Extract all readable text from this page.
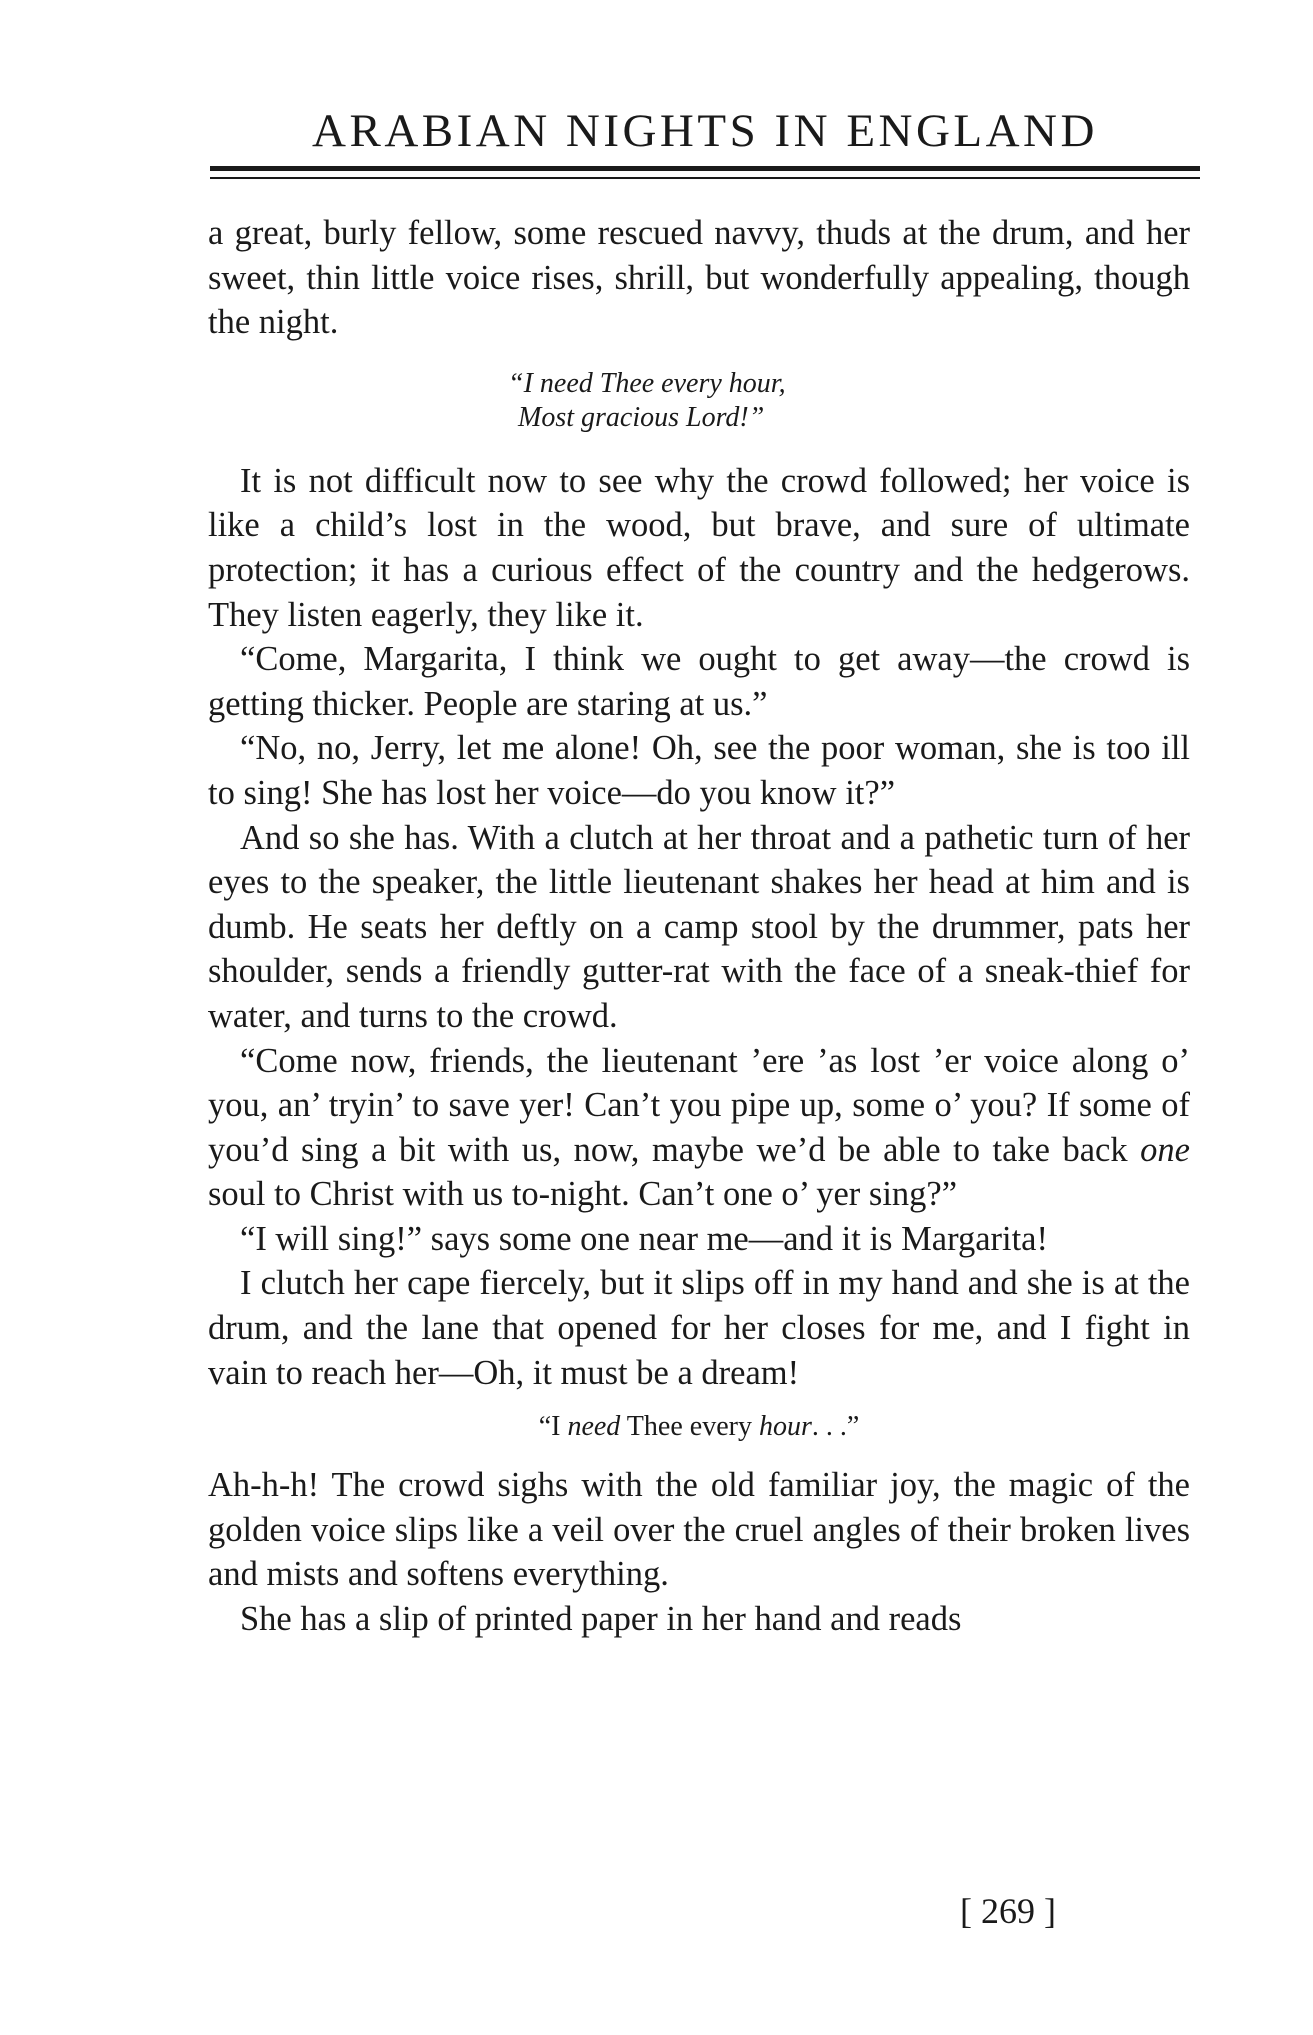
ARABIAN NIGHTS IN ENGLAND

a great, burly fellow, some rescued navvy, thuds at the drum, and her sweet, thin little voice rises, shrill, but wonderfully appealing, though the night.

“I need Thee every hour,
Most gracious Lord!”

It is not difficult now to see why the crowd followed; her voice is like a child’s lost in the wood, but brave, and sure of ultimate protection; it has a curious effect of the country and the hedgerows. They listen eagerly, they like it.

“Come, Margarita, I think we ought to get away—the crowd is getting thicker. People are staring at us.”

“No, no, Jerry, let me alone! Oh, see the poor woman, she is too ill to sing! She has lost her voice—do you know it?”

And so she has. With a clutch at her throat and a pathetic turn of her eyes to the speaker, the little lieutenant shakes her head at him and is dumb. He seats her deftly on a camp stool by the drummer, pats her shoulder, sends a friendly gutter-rat with the face of a sneak-thief for water, and turns to the crowd.

“Come now, friends, the lieutenant ’ere ’as lost ’er voice along o’ you, an’ tryin’ to save yer! Can’t you pipe up, some o’ you? If some of you’d sing a bit with us, now, maybe we’d be able to take back one soul to Christ with us to-night. Can’t one o’ yer sing?”

“I will sing!” says some one near me—and it is Margarita!

I clutch her cape fiercely, but it slips off in my hand and she is at the drum, and the lane that opened for her closes for me, and I fight in vain to reach her—Oh, it must be a dream!

“I need Thee every hour. . .”

Ah-h-h! The crowd sighs with the old familiar joy, the magic of the golden voice slips like a veil over the cruel angles of their broken lives and mists and softens everything.

She has a slip of printed paper in her hand and reads

[ 269 ]
